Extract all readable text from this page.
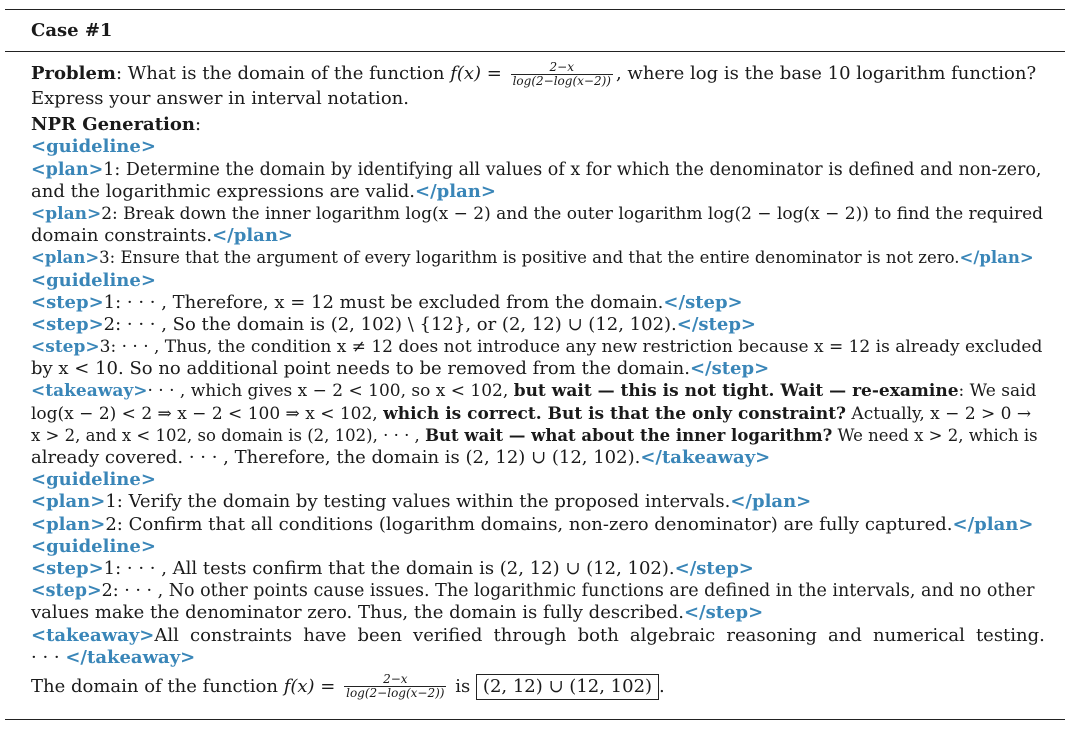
Case #1
Problem: What is the domain of the function $f(x) = \frac{2-x}{\log(2-\log(x-2))}$ , where log is the base 10 logarithm function?
Express your answer in interval notation.
NPR Generation:
<guideline>
<plan>1: Determine the domain by identifying all values of x for which the denominator is defined and non-zero,
and the logarithmic expressions are valid.</plan>
<plan>2: Break down the inner logarithm log(x − 2) and the outer logarithm log(2 − log(x − 2)) to find the required
domain constraints.</plan>
<plan>3: Ensure that the argument of every logarithm is positive and that the entire denominator is not zero.</plan>
<guideline>
<step>1: · · · , Therefore, x = 12 must be excluded from the domain.</step>
<step>2: · · · , So the domain is (2, 102) \ {12}, or (2, 12) ∪ (12, 102).</step>
<step>3: · · · , Thus, the condition x ≠ 12 does not introduce any new restriction because x = 12 is already excluded
by x < 10. So no additional point needs to be removed from the domain.</step>
<takeaway>· · · , which gives x − 2 < 100, so x < 102, but wait — this is not tight. Wait — re-examine: We said
log(x − 2) < 2 ⇒ x − 2 < 100 ⇒ x < 102, which is correct. But is that the only constraint? Actually, x − 2 > 0 →
x > 2, and x < 102, so domain is (2, 102), · · · , But wait — what about the inner logarithm? We need x > 2, which is
already covered. · · · , Therefore, the domain is (2, 12) ∪ (12, 102).</takeaway>
<guideline>
<plan>1: Verify the domain by testing values within the proposed intervals.</plan>
<plan>2: Confirm that all conditions (logarithm domains, non-zero denominator) are fully captured.</plan>
<guideline>
<step>1: · · · , All tests confirm that the domain is (2, 12) ∪ (12, 102).</step>
<step>2: · · · , No other points cause issues. The logarithmic functions are defined in the intervals, and no other
values make the denominator zero. Thus, the domain is fully described.</step>
<takeaway>All constraints have been verified through both algebraic reasoning and numerical testing.
· · · </takeaway>
The domain of the function $f(x) = \frac{2-x}{\log(2-\log(x-2))}$ is (2, 12) ∪ (12, 102) .
